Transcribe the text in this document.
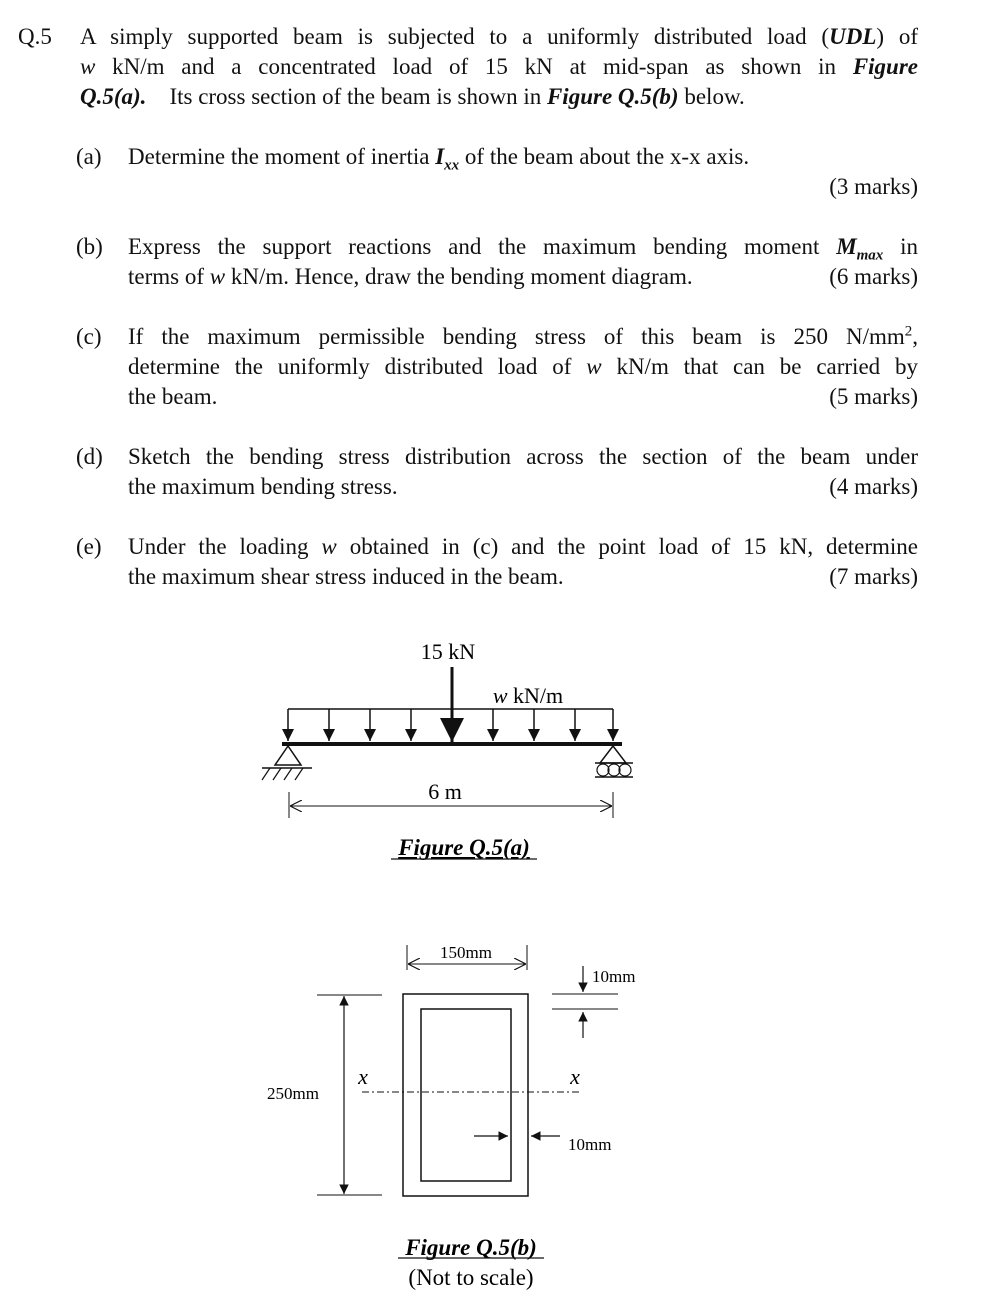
Q.5 A simply supported beam is subjected to a uniformly distributed load (UDL) of
w kN/m and a concentrated load of 15 kN at mid-span as shown in Figure
Q.5(a). Its cross section of the beam is shown in Figure Q.5(b) below.
(a) Determine the moment of inertia $I_{xx}$ of the beam about the x-x axis.
(3 marks)
(b) Express the support reactions and the maximum bending moment $M_{max}$ in
terms of w kN/m. Hence, draw the bending moment diagram.	(6 marks)
(c) If the maximum permissible bending stress of this beam is 250 $N/mm^2$,
determine the uniformly distributed load of w kN/m that can be carried by
the beam.	(5 marks)
(d) Sketch the bending stress distribution across the section of the beam under
the maximum bending stress.	(4 marks)
(e) Under the loading w obtained in (c) and the point load of 15 kN, determine
the maximum shear stress induced in the beam.	(7 marks)
15 kN
w kN/m
6 m
Figure Q.5(a)
150mm
250mm
x	x
10mm
10mm
Figure Q.5(b)
(Not to scale)
